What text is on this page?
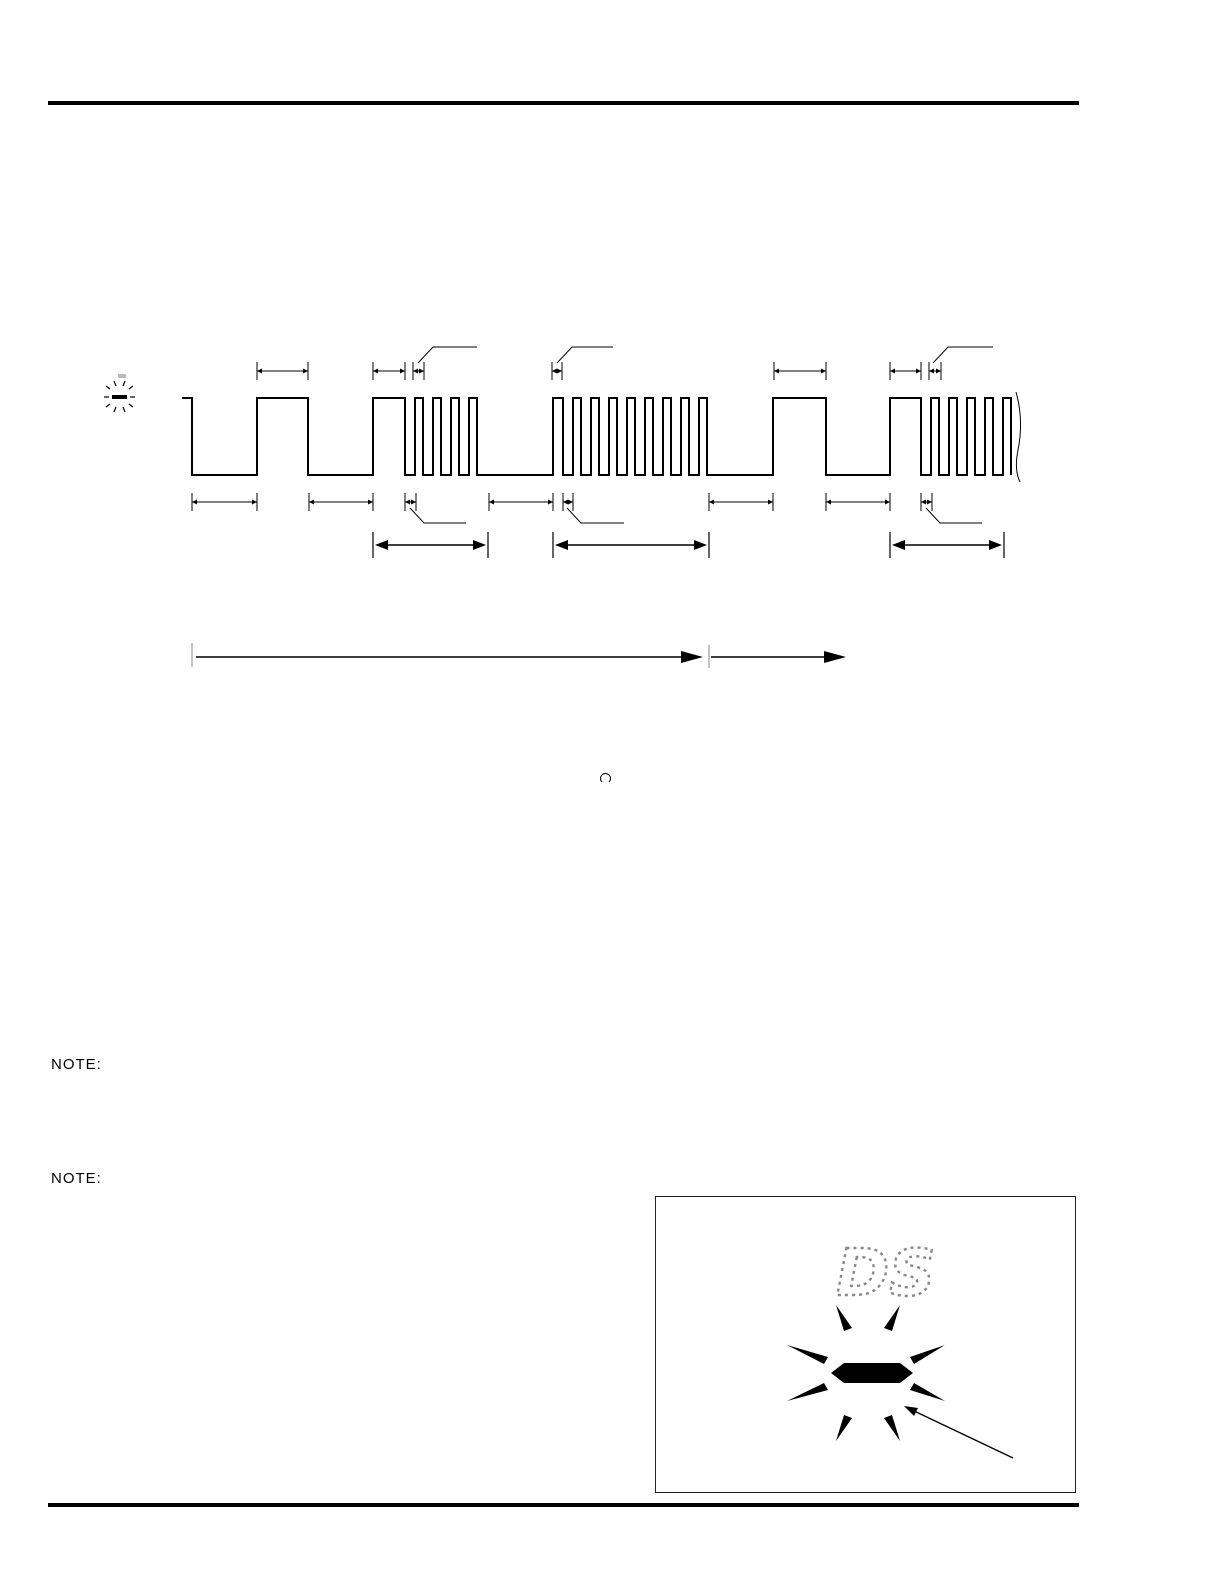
NOTE:
NOTE:
DS
